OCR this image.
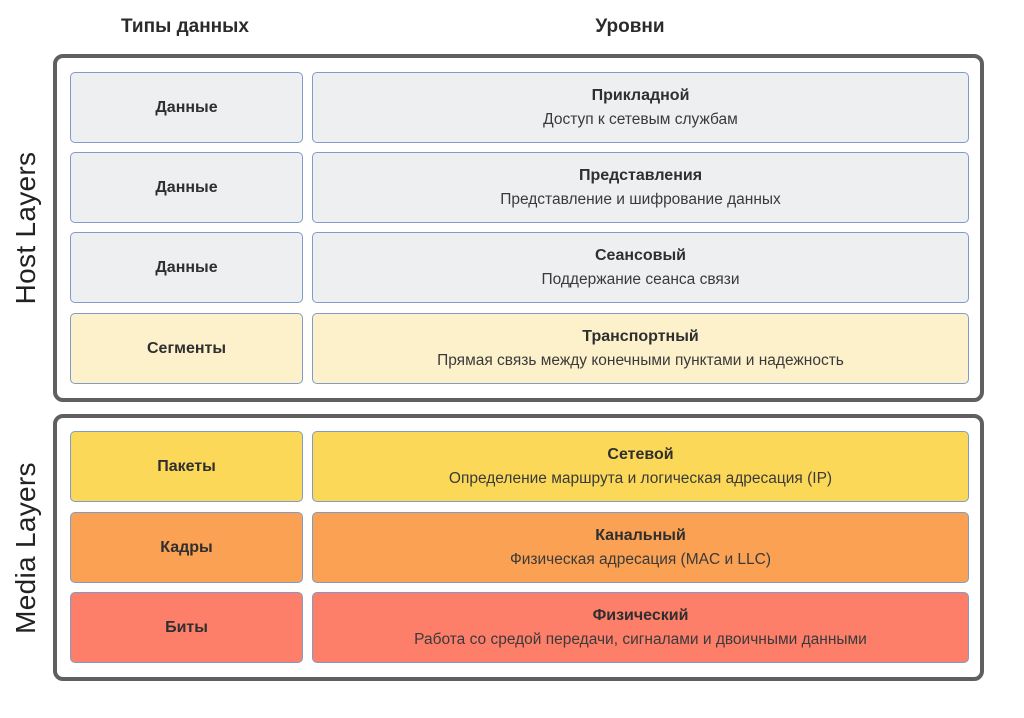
Типы данных	Уровни
Host Layers
Media Layers
Данные
Прикладной
Доступ к сетевым службам
Данные
Представления
Представление и шифрование данных
Данные
Сеансовый
Поддержание сеанса связи
Сегменты
Транспортный
Прямая связь между конечными пунктами и надежность
Пакеты
Сетевой
Определение маршрута и логическая адресация (IP)
Кадры
Канальный
Физическая адресация (MAC и LLC)
Биты
Физический
Работа со средой передачи, сигналами и двоичными данными
